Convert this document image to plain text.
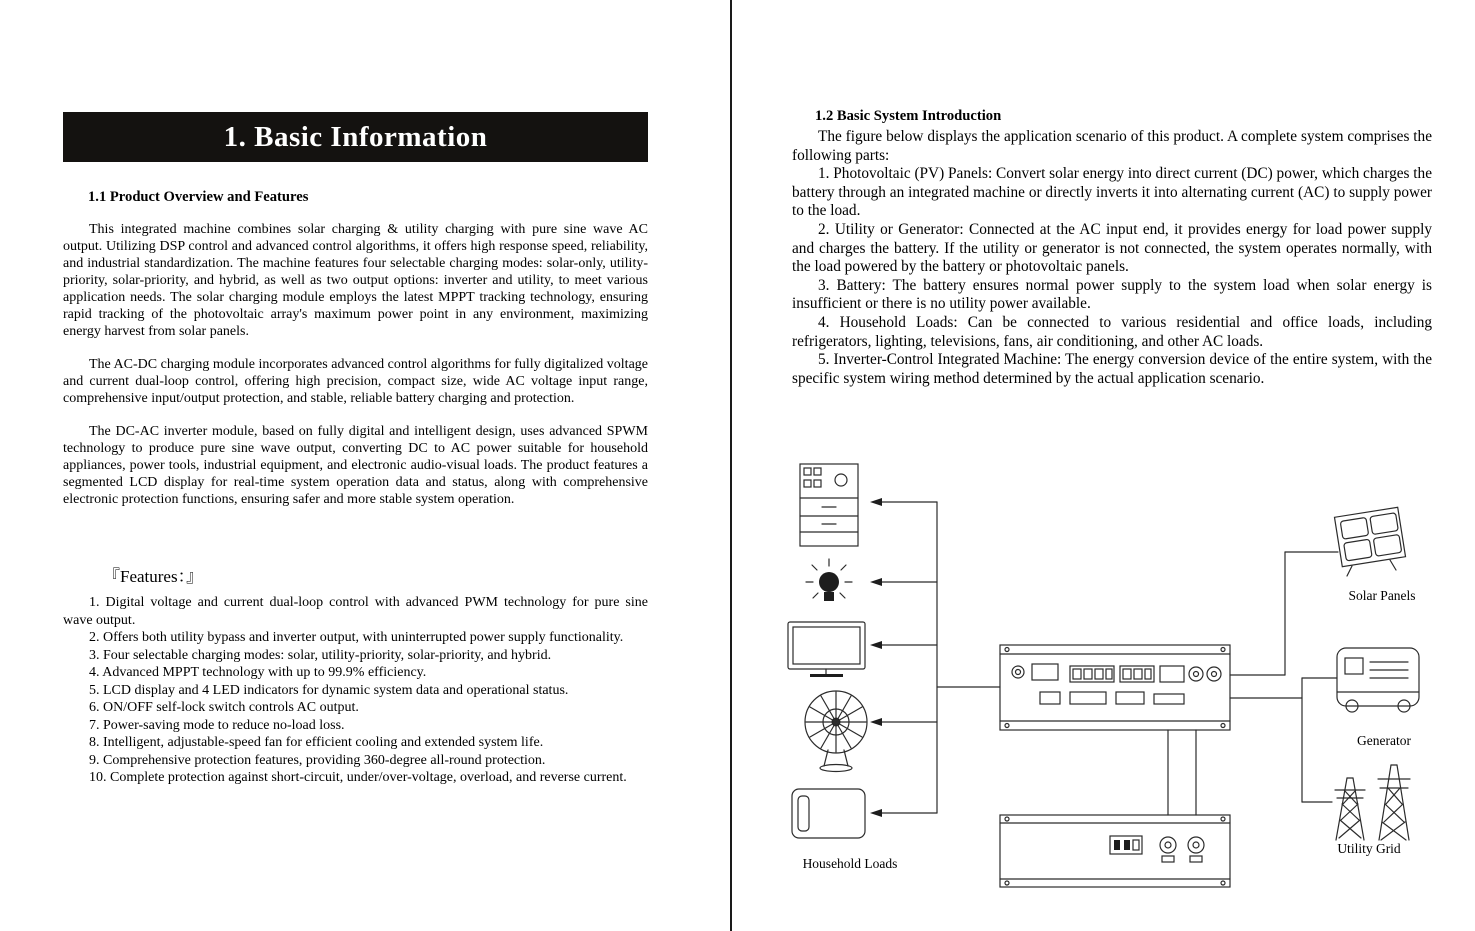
1. Basic Information
1.1 Product Overview and Features

This integrated machine combines solar charging & utility charging with pure sine wave AC output. Utilizing DSP control and advanced control algorithms, it offers high response speed, reliability, and industrial standardization. The machine features four selectable charging modes: solar-only, utility-priority, solar-priority, and hybrid, as well as two output options: inverter and utility, to meet various application needs. The solar charging module employs the latest MPPT tracking technology, ensuring rapid tracking of the photovoltaic array's maximum power point in any environment, maximizing energy harvest from solar panels.

The AC-DC charging module incorporates advanced control algorithms for fully digitalized voltage and current dual-loop control, offering high precision, compact size, wide AC voltage input range, comprehensive input/output protection, and stable, reliable battery charging and protection.

The DC-AC inverter module, based on fully digital and intelligent design, uses advanced SPWM technology to produce pure sine wave output, converting DC to AC power suitable for household appliances, power tools, industrial equipment, and electronic audio-visual loads. The product features a segmented LCD display for real-time system operation data and status, along with comprehensive electronic protection functions, ensuring safer and more stable system operation.

『Features：』

1. Digital voltage and current dual-loop control with advanced PWM technology for pure sine wave output.

2. Offers both utility bypass and inverter output, with uninterrupted power supply functionality.

3. Four selectable charging modes: solar, utility-priority, solar-priority, and hybrid.

4. Advanced MPPT technology with up to 99.9% efficiency.

5. LCD display and 4 LED indicators for dynamic system data and operational status.

6. ON/OFF self-lock switch controls AC output.

7. Power-saving mode to reduce no-load loss.

8. Intelligent, adjustable-speed fan for efficient cooling and extended system life.

9. Comprehensive protection features, providing 360-degree all-round protection.

10. Complete protection against short-circuit, under/over-voltage, overload, and reverse current.

1.2 Basic System Introduction

The figure below displays the application scenario of this product. A complete system comprises the following parts:

1. Photovoltaic (PV) Panels: Convert solar energy into direct current (DC) power, which charges the battery through an integrated machine or directly inverts it into alternating current (AC) to supply power to the load.

2. Utility or Generator: Connected at the AC input end, it provides energy for load power supply and charges the battery. If the utility or generator is not connected, the system operates normally, with the load powered by the battery or photovoltaic panels.

3. Battery: The battery ensures normal power supply to the system load when solar energy is insufficient or there is no utility power available.

4. Household Loads: Can be connected to various residential and office loads, including refrigerators, lighting, televisions, fans, air conditioning, and other AC loads.

5. Inverter-Control Integrated Machine: The energy conversion device of the entire system, with the specific system wiring method determined by the actual application scenario.

Household Loads
Solar Panels
Generator
Utility Grid
